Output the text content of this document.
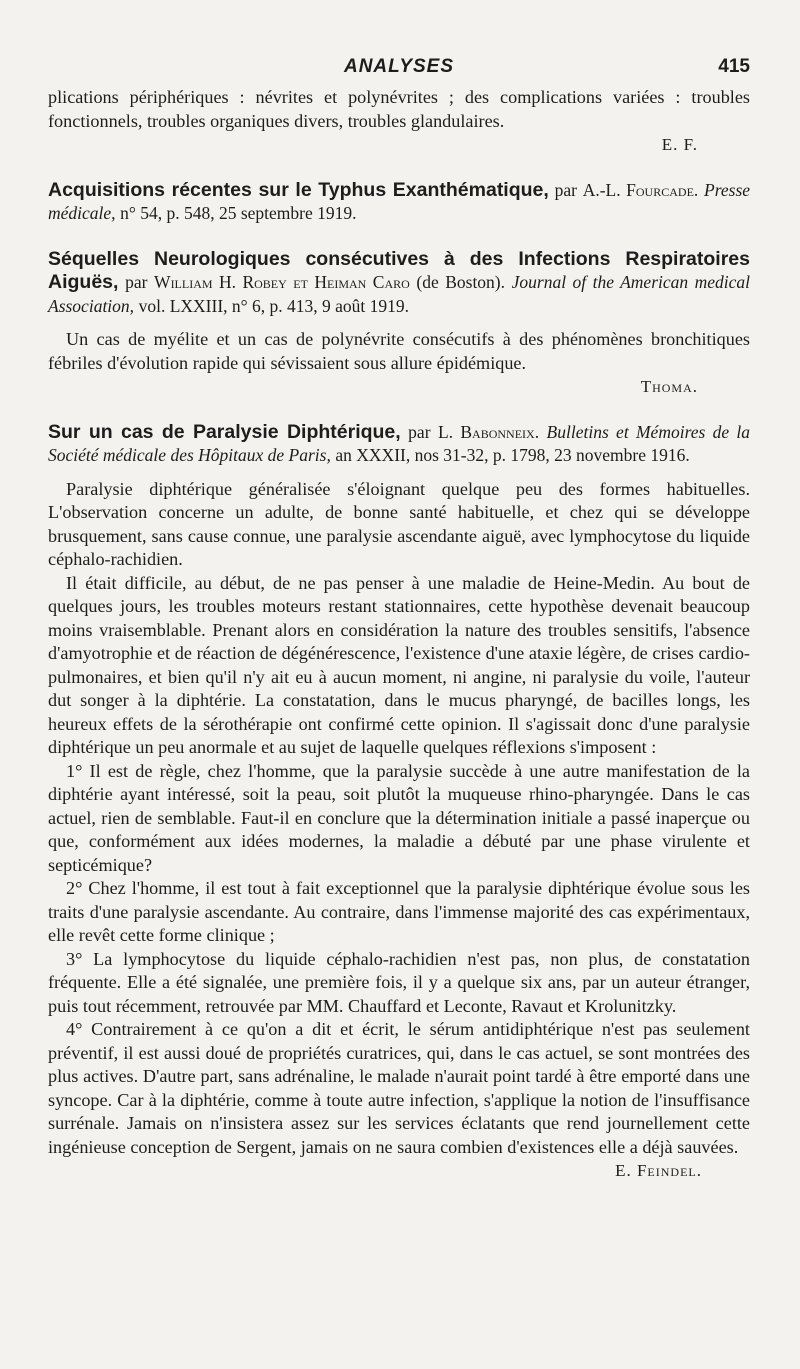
ANALYSES	415

plications périphériques : névrites et polynévrites ; des complications variées : troubles fonctionnels, troubles organiques divers, troubles glandulaires.

E. F.

Acquisitions récentes sur le Typhus Exanthématique, par A.-L. Fourcade. Presse médicale, n° 54, p. 548, 25 septembre 1919.

Séquelles Neurologiques consécutives à des Infections Respiratoires Aiguës, par William H. Robey et Heiman Caro (de Boston). Journal of the American medical Association, vol. LXXIII, n° 6, p. 413, 9 août 1919.

Un cas de myélite et un cas de polynévrite consécutifs à des phénomènes bronchitiques fébriles d'évolution rapide qui sévissaient sous allure épidémique.

Thoma.

Sur un cas de Paralysie Diphtérique, par L. Babonneix. Bulletins et Mémoires de la Société médicale des Hôpitaux de Paris, an XXXII, nos 31-32, p. 1798, 23 novembre 1916.

Paralysie diphtérique généralisée s'éloignant quelque peu des formes habituelles. L'observation concerne un adulte, de bonne santé habituelle, et chez qui se développe brusquement, sans cause connue, une paralysie ascendante aiguë, avec lymphocytose du liquide céphalo-rachidien.

Il était difficile, au début, de ne pas penser à une maladie de Heine-Medin. Au bout de quelques jours, les troubles moteurs restant stationnaires, cette hypothèse devenait beaucoup moins vraisemblable. Prenant alors en considération la nature des troubles sensitifs, l'absence d'amyotrophie et de réaction de dégénérescence, l'existence d'une ataxie légère, de crises cardio-pulmonaires, et bien qu'il n'y ait eu à aucun moment, ni angine, ni paralysie du voile, l'auteur dut songer à la diphtérie. La constatation, dans le mucus pharyngé, de bacilles longs, les heureux effets de la sérothérapie ont confirmé cette opinion. Il s'agissait donc d'une paralysie diphtérique un peu anormale et au sujet de laquelle quelques réflexions s'imposent :

1° Il est de règle, chez l'homme, que la paralysie succède à une autre manifestation de la diphtérie ayant intéressé, soit la peau, soit plutôt la muqueuse rhino-pharyngée. Dans le cas actuel, rien de semblable. Faut-il en conclure que la détermination initiale a passé inaperçue ou que, conformément aux idées modernes, la maladie a débuté par une phase virulente et septicémique?

2° Chez l'homme, il est tout à fait exceptionnel que la paralysie diphtérique évolue sous les traits d'une paralysie ascendante. Au contraire, dans l'immense majorité des cas expérimentaux, elle revêt cette forme clinique ;

3° La lymphocytose du liquide céphalo-rachidien n'est pas, non plus, de constatation fréquente. Elle a été signalée, une première fois, il y a quelque six ans, par un auteur étranger, puis tout récemment, retrouvée par MM. Chauffard et Leconte, Ravaut et Krolunitzky.

4° Contrairement à ce qu'on a dit et écrit, le sérum antidiphtérique n'est pas seulement préventif, il est aussi doué de propriétés curatrices, qui, dans le cas actuel, se sont montrées des plus actives. D'autre part, sans adrénaline, le malade n'aurait point tardé à être emporté dans une syncope. Car à la diphtérie, comme à toute autre infection, s'applique la notion de l'insuffisance surrénale. Jamais on n'insistera assez sur les services éclatants que rend journellement cette ingénieuse conception de Sergent, jamais on ne saura combien d'existences elle a déjà sauvées.

E. Feindel.
